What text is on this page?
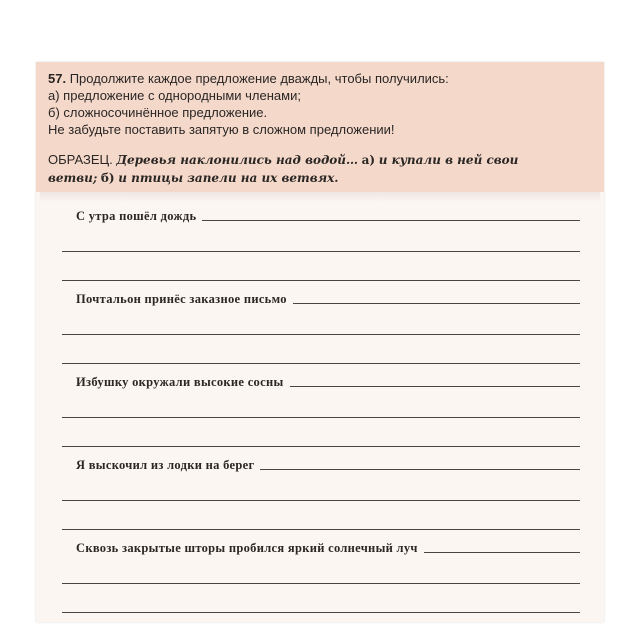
57. Продолжите каждое предложение дважды, чтобы получились:
а) предложение с однородными членами;
б) сложносочинённое предложение.
Не забудьте поставить запятую в сложном предложении!
ОБРАЗЕЦ. Деревья наклонились над водой… а) и купали в ней свои
ветви; б) и птицы запели на их ветвях.
С утра пошёл дождь
Почтальон принёс заказное письмо
Избушку окружали высокие сосны
Я выскочил из лодки на берег
Сквозь закрытые шторы пробился яркий солнечный луч
